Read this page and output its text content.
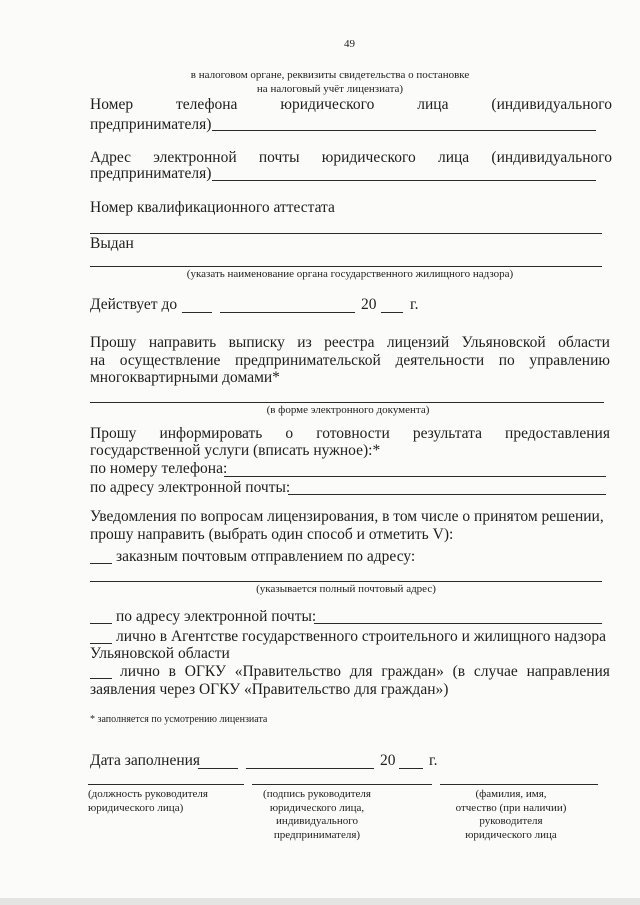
49
в налоговом органе, реквизиты свидетельства о постановке
на налоговый учёт лицензиата)
Номер	телефона	юридического	лица	(индивидуального
предпринимателя)
Адрес электронной почты юридического лица (индивидуального
предпринимателя)
Номер квалификационного аттестата
Выдан
(указать наименование органа государственного жилищного надзора)
Действует до	20 г.
Прошу направить выписку из реестра лицензий Ульяновской области
на осуществление предпринимательской деятельности по управлению
многоквартирными домами*
(в форме электронного документа)
Прошу информировать о готовности результата предоставления
государственной услуги (вписать нужное):*
по номеру телефона:
по адресу электронной почты:
Уведомления по вопросам лицензирования, в том числе о принятом решении,
прошу направить (выбрать один способ и отметить V):
заказным почтовым отправлением по адресу:
(указывается полный почтовый адрес)
по адресу электронной почты:
лично в Агентстве государственного строительного и жилищного надзора
Ульяновской области
лично в ОГКУ «Правительство для граждан» (в случае направления
заявления через ОГКУ «Правительство для граждан»)
* заполняется по усмотрению лицензиата
Дата заполнения	20 г.
(должность руководителя
юридического лица)
(подпись руководителя
юридического лица,
индивидуального
предпринимателя)
(фамилия, имя,
отчество (при наличии)
руководителя
юридического лица
